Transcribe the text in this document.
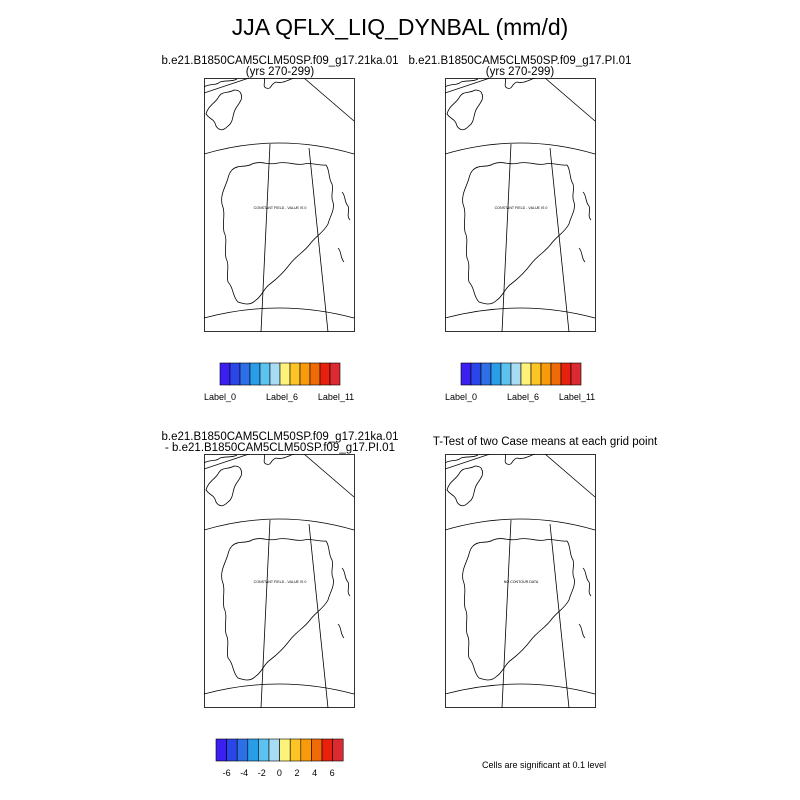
JJA QFLX_LIQ_DYNBAL (mm/d)
b.e21.B1850CAM5CLM50SP.f09_g17.21ka.01
(yrs 270-299)
b.e21.B1850CAM5CLM50SP.f09_g17.PI.01
(yrs 270-299)
b.e21.B1850CAM5CLM50SP.f09_g17.21ka.01
- b.e21.B1850CAM5CLM50SP.f09_g17.PI.01	T-Test of two Case means at each grid point
CONSTANT FIELD - VALUE IS 0	CONSTANT FIELD - VALUE IS 0
CONSTANT FIELD - VALUE IS 0	NO CONTOUR DATA
Label_0	Label_6 Label_11	Label_0	Label_6 Label_11
-6 -4 -2 0 2 4 6
Cells are significant at 0.1 level
